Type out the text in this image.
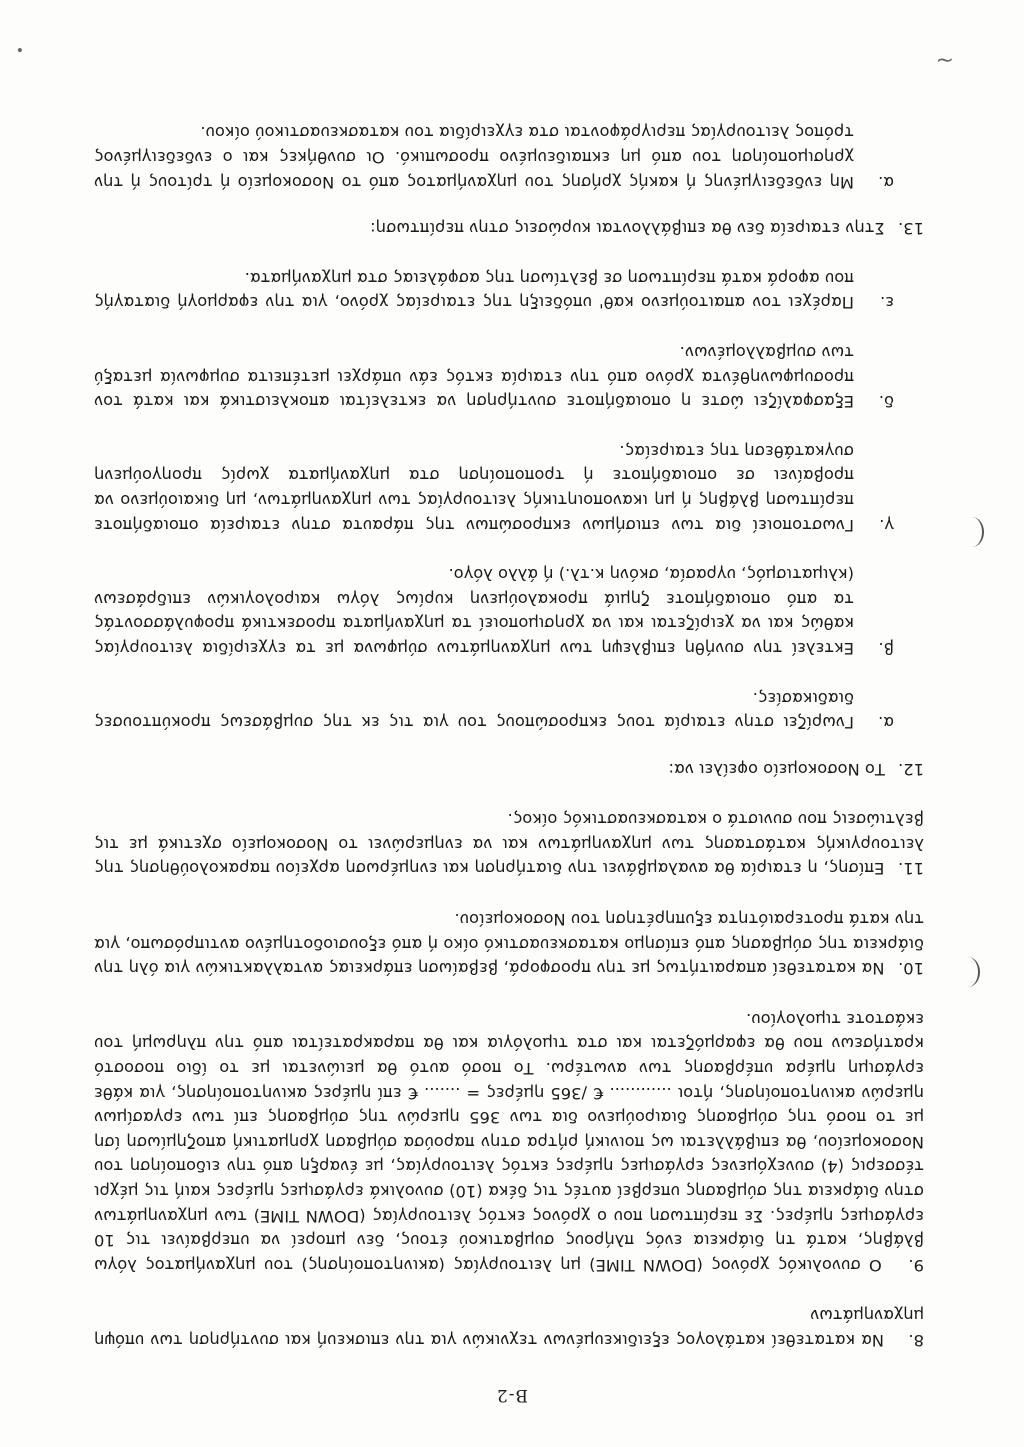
Β-2
8. Να κατατεθεί κατάλογος εξειδικευμένων τεχνικών για την επισκευή και συντήρηση των υπόψη μηχανημάτων
9. Ο συνολικός χρόνος (DOWN TIME) μη λειτουργίας (ακινητοποίησης) του μηχανήματος λόγω βλάβης, κατά τη διάρκεια ενός πλήρους συμβατικού έτους, δεν μπορεί να υπερβαίνει τις 10 εργάσιμες ημέρες. Σε περίπτωση που ο χρόνος εκτός λειτουργίας (DOWN TIME) των μηχανημάτων στην διάρκεια της σύμβασης υπερβεί αυτές τις δέκα (10) συνολικά εργάσιμες ημέρες καιή τις μέχρι τέσσερις (4) συνεχόμενες εργάσιμες ημέρες εκτός λειτουργίας, με έναρξη από την ειδοποίηση του Νοσοκομείου, θα επιβάλλεται ως ποινική ρήτρα στην παρούσα σύμβαση χρηματική αποζημίωση ίση με το ποσό της σύμβασης διαιρούμενο δια των 365 ημερών της σύμβασης επί των εργασίμων ημερών ακινητοποίησης, ήτοι ............ € /365 ημέρες = ....... € επί ημέρες ακινητοποίησης, για κάθε εργάσιμη ημέρα υπέρβασης των ανωτέρω. Το ποσό αυτό θα μειώνεται με το ίδιο ποσοστό κρατήσεων που θα εφαρμόζεται και στα τιμολόγια και θα παρακρατείται από την πληρωμή του εκάστοτε τιμολογίου.
10. Να κατατεθεί απαραιτήτως με την προσφορά, βεβαίωση επάρκειας ανταλλακτικών για όλη την διάρκεια της σύμβασης από επίσημο κατασκευαστικό οίκο ή από εξουσιοδοτημένο αντιπρόσωπο, για την κατά προτεραιότητα εξυπηρέτηση του Νοσοκομείου.
11. Επίσης, η εταιρία θα αναλαμβάνει την διατήρηση και ενημέρωση αρχείου παρακολούθησης της λειτουργικής κατάστασης των μηχανημάτων και να ενημερώνει το Νοσοκομείο σχετικά με τις βελτιώσεις που συνιστά ο κατασκευαστικός οίκος.
12. Το Νοσοκομείο οφείλει να:
α.
Γνωρίζει στην εταιρία τους εκπροσώπους του για τις εκ της συμβάσεως προκύπτουσες διαδικασίες.
β.
Εκτελεί την συνήθη επιβλεψη των μηχανημάτων σύμφωνα με τα εγχειρίδια λειτουργίας καθώς και να χειρίζεται και να χρησιμοποιεί τα μηχανήματα προσεκτικά προφυλάσσοντάς τα από οποιαδήποτε ζημιά προκαλούμενη κυρίως λόγω καιρολογικών επιδράσεων (κλιματισμός, υγρασία, σκόνη κ.τλ.) ή άλλο λόγο.
γ.
Γνωστοποιεί δια των επισήμων εκπροσώπων της πάραυτα στην εταιρεία οποιαδήποτε περίπτωση βλάβης ή μη ικανοποιητικής λειτουργίας των μηχανημάτων, μη δικαιούμενο να προβαίνει σε οποιαδήποτε ή τροποποίηση στα μηχανήματα χωρίς προηγούμενη συγκατάθεση της εταιρείας.
δ.
Εξασφαλίζει ώστε η οποιαδήποτε συντήρηση να εκτελείται αποκλειστικά και κατά τον προσυμφωνηθέντα χρόνο από την εταιρία εκτός εάν υπάρχει μετέπειτα συμφωνία μεταξύ των συμβαλλομένων.
ε.
Παρέχει τον απαιτούμενο καθ' υπόδειξη της εταιρείας χρόνο, για την εφαρμογή διαταγής που αφορά κατά περίπτωση σε βελτίωση της ασφάλειας στα μηχανήματα.
13. Στην εταιρεία δεν θα επιβάλλονται κυρώσεις στην περίπτωση:
α.
Μη ενδεδειγμένης ή κακής χρήσης του μηχανήματος από το Νοσοκομείο ή τρίτους ή την χρησιμοποίηση του από μη εκπαιδευμένο προσωπικό. Οι συνθήκες και ο ενδεδειγμένος τρόπος λειτουργίας περιγράφονται στα εγχειρίδια του κατασκευαστικού οίκου.
~
•
